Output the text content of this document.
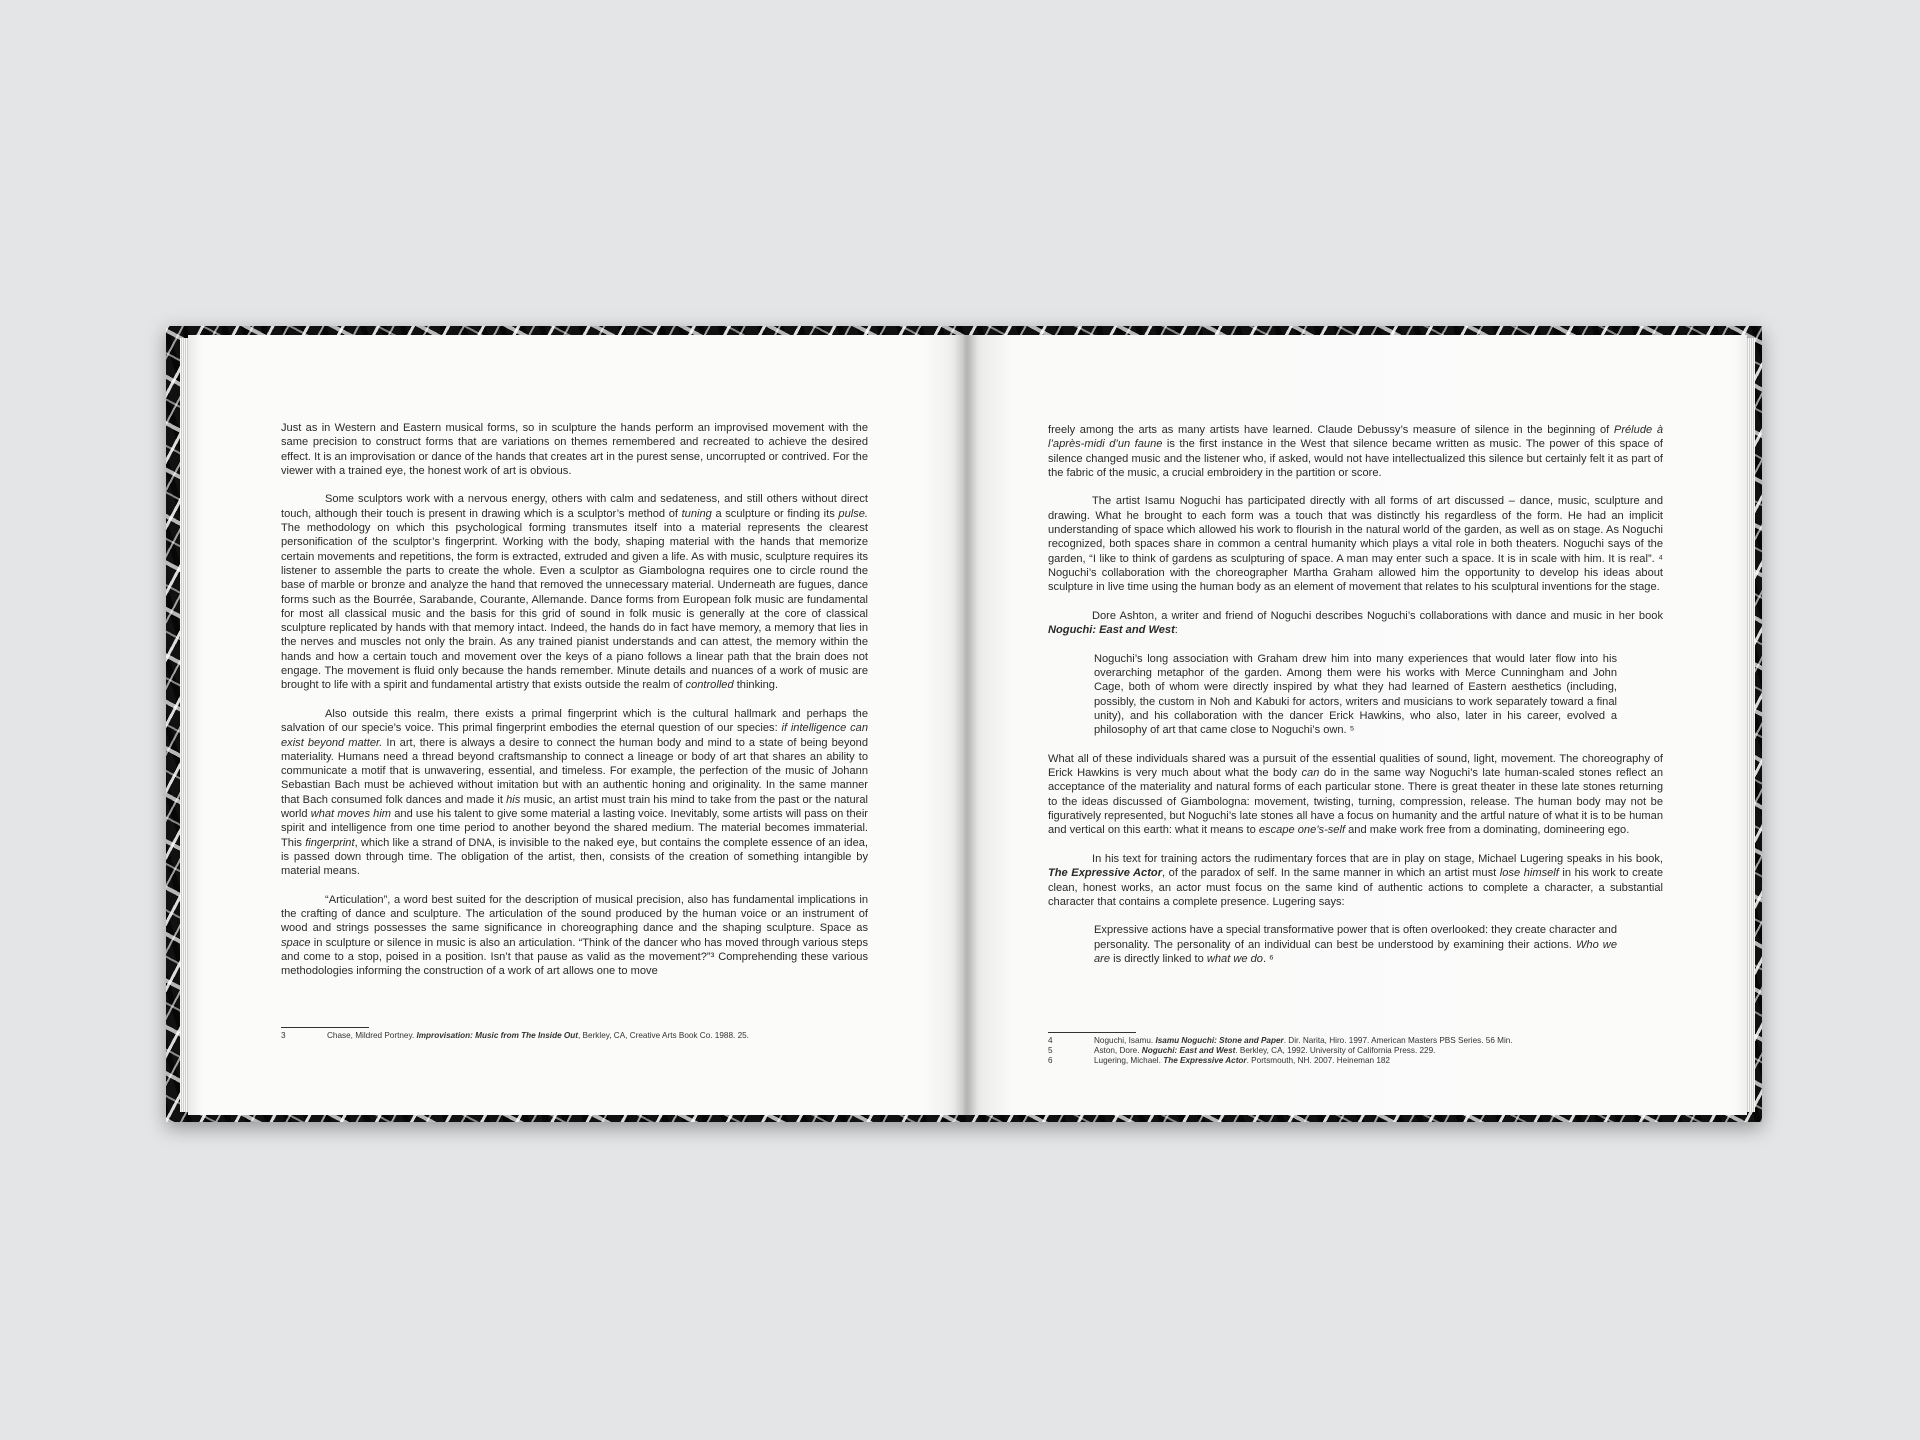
Just as in Western and Eastern musical forms, so in sculpture the hands perform an improvised movement with the same precision to construct forms that are variations on themes remembered and recreated to achieve the desired effect. It is an improvisation or dance of the hands that creates art in the purest sense, uncorrupted or contrived. For the viewer with a trained eye, the honest work of art is obvious.

Some sculptors work with a nervous energy, others with calm and sedateness, and still others without direct touch, although their touch is present in drawing which is a sculptor’s method of tuning a sculpture or finding its pulse. The methodology on which this psychological forming transmutes itself into a material represents the clearest personification of the sculptor’s fingerprint. Working with the body, shaping material with the hands that memorize certain movements and repetitions, the form is extracted, extruded and given a life. As with music, sculpture requires its listener to assemble the parts to create the whole. Even a sculptor as Giambologna requires one to circle round the base of marble or bronze and analyze the hand that removed the unnecessary material. Underneath are fugues, dance forms such as the Bourrée, Sarabande, Courante, Allemande. Dance forms from European folk music are fundamental for most all classical music and the basis for this grid of sound in folk music is generally at the core of classical sculpture replicated by hands with that memory intact. Indeed, the hands do in fact have memory, a memory that lies in the nerves and muscles not only the brain. As any trained pianist understands and can attest, the memory within the hands and how a certain touch and movement over the keys of a piano follows a linear path that the brain does not engage. The movement is fluid only because the hands remember. Minute details and nuances of a work of music are brought to life with a spirit and fundamental artistry that exists outside the realm of controlled thinking.

Also outside this realm, there exists a primal fingerprint which is the cultural hallmark and perhaps the salvation of our specie’s voice. This primal fingerprint embodies the eternal question of our species: if intelligence can exist beyond matter. In art, there is always a desire to connect the human body and mind to a state of being beyond materiality. Humans need a thread beyond craftsmanship to connect a lineage or body of art that shares an ability to communicate a motif that is unwavering, essential, and timeless. For example, the perfection of the music of Johann Sebastian Bach must be achieved without imitation but with an authentic honing and originality. In the same manner that Bach consumed folk dances and made it his music, an artist must train his mind to take from the past or the natural world what moves him and use his talent to give some material a lasting voice. Inevitably, some artists will pass on their spirit and intelligence from one time period to another beyond the shared medium. The material becomes immaterial. This fingerprint, which like a strand of DNA, is invisible to the naked eye, but contains the complete essence of an idea, is passed down through time. The obligation of the artist, then, consists of the creation of something intangible by material means.

“Articulation”, a word best suited for the description of musical precision, also has fundamental implications in the crafting of dance and sculpture. The articulation of the sound produced by the human voice or an instrument of wood and strings possesses the same significance in choreographing dance and the shaping sculpture. Space as space in sculpture or silence in music is also an articulation. “Think of the dancer who has moved through various steps and come to a stop, poised in a position. Isn’t that pause as valid as the movement?”³ Comprehending these various methodologies informing the construction of a work of art allows one to move

3	Chase, Mildred Portney. Improvisation: Music from The Inside Out, Berkley, CA, Creative Arts Book Co. 1988. 25.

freely among the arts as many artists have learned. Claude Debussy’s measure of silence in the beginning of Prélude à l’après-midi d’un faune is the first instance in the West that silence became written as music. The power of this space of silence changed music and the listener who, if asked, would not have intellectualized this silence but certainly felt it as part of the fabric of the music, a crucial embroidery in the partition or score.

The artist Isamu Noguchi has participated directly with all forms of art discussed – dance, music, sculpture and drawing. What he brought to each form was a touch that was distinctly his regardless of the form. He had an implicit understanding of space which allowed his work to flourish in the natural world of the garden, as well as on stage. As Noguchi recognized, both spaces share in common a central humanity which plays a vital role in both theaters. Noguchi says of the garden, “I like to think of gardens as sculpturing of space. A man may enter such a space. It is in scale with him. It is real”. ⁴ Noguchi’s collaboration with the choreographer Martha Graham allowed him the opportunity to develop his ideas about sculpture in live time using the human body as an element of movement that relates to his sculptural inventions for the stage.

Dore Ashton, a writer and friend of Noguchi describes Noguchi’s collaborations with dance and music in her book Noguchi: East and West:

Noguchi’s long association with Graham drew him into many experiences that would later flow into his overarching metaphor of the garden. Among them were his works with Merce Cunningham and John Cage, both of whom were directly inspired by what they had learned of Eastern aesthetics (including, possibly, the custom in Noh and Kabuki for actors, writers and musicians to work separately toward a final unity), and his collaboration with the dancer Erick Hawkins, who also, later in his career, evolved a philosophy of art that came close to Noguchi’s own. ⁵

What all of these individuals shared was a pursuit of the essential qualities of sound, light, movement. The choreography of Erick Hawkins is very much about what the body can do in the same way Noguchi’s late human-scaled stones reflect an acceptance of the materiality and natural forms of each particular stone. There is great theater in these late stones returning to the ideas discussed of Giambologna: movement, twisting, turning, compression, release. The human body may not be figuratively represented, but Noguchi’s late stones all have a focus on humanity and the artful nature of what it is to be human and vertical on this earth: what it means to escape one’s-self and make work free from a dominating, domineering ego.

In his text for training actors the rudimentary forces that are in play on stage, Michael Lugering speaks in his book, The Expressive Actor, of the paradox of self. In the same manner in which an artist must lose himself in his work to create clean, honest works, an actor must focus on the same kind of authentic actions to complete a character, a substantial character that contains a complete presence. Lugering says:

Expressive actions have a special transformative power that is often overlooked: they create character and personality. The personality of an individual can best be understood by examining their actions. Who we are is directly linked to what we do. ⁶

4	Noguchi, Isamu. Isamu Noguchi: Stone and Paper. Dir. Narita, Hiro. 1997. American Masters PBS Series. 56 Min.
5	Aston, Dore. Noguchi: East and West. Berkley, CA, 1992. University of California Press. 229.
6	Lugering, Michael. The Expressive Actor. Portsmouth, NH. 2007. Heineman 182
